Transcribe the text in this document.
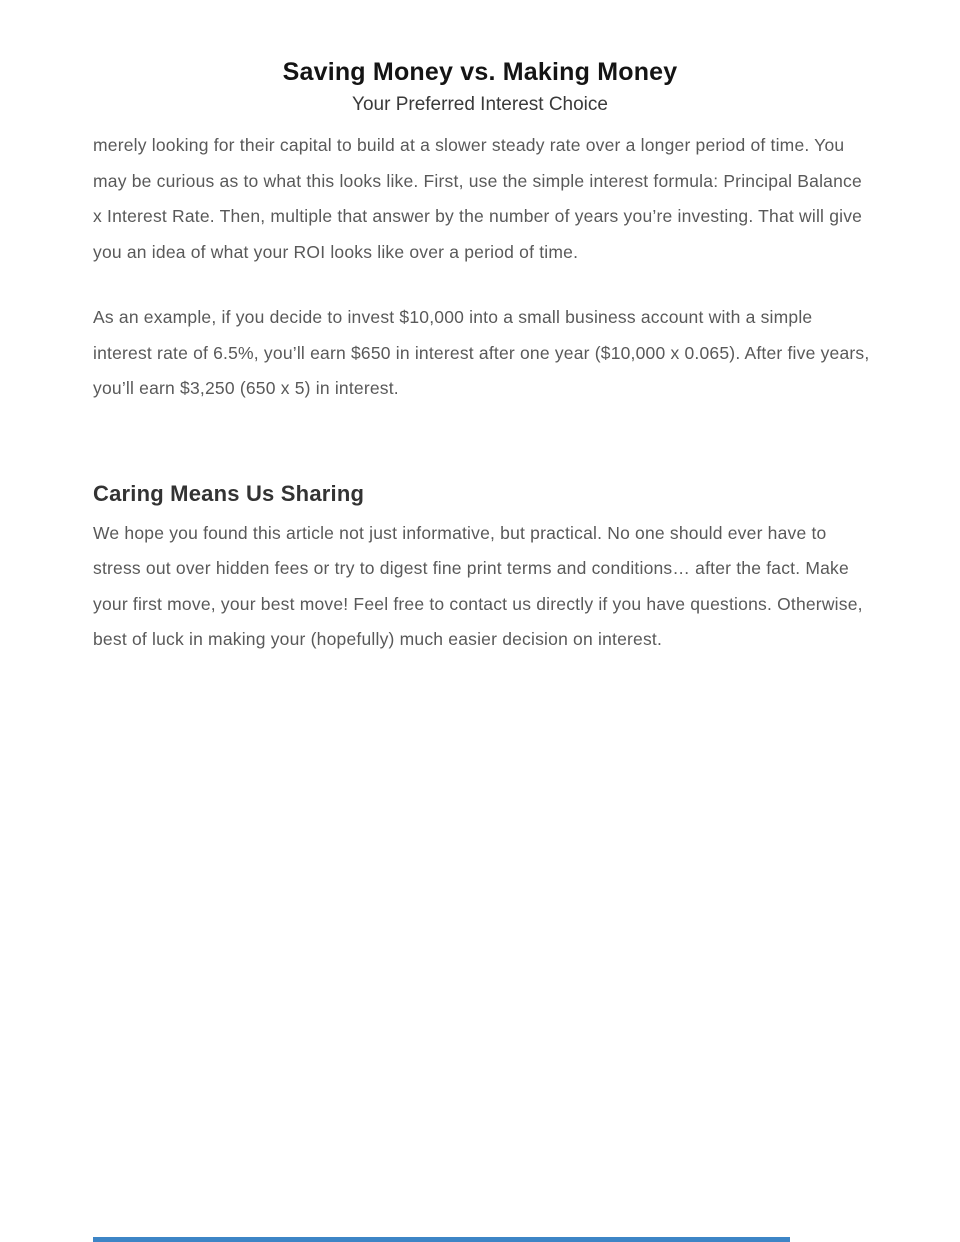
Saving Money vs. Making Money
Your Preferred Interest Choice

merely looking for their capital to build at a slower steady rate over a longer period of time. You may be curious as to what this looks like. First, use the simple interest formula: Principal Balance x Interest Rate. Then, multiple that answer by the number of years you’re investing. That will give you an idea of what your ROI looks like over a period of time.

As an example, if you decide to invest $10,000 into a small business account with a simple interest rate of 6.5%, you’ll earn $650 in interest after one year ($10,000 x 0.065). After five years, you’ll earn $3,250 (650 x 5) in interest.

Caring Means Us Sharing

We hope you found this article not just informative, but practical. No one should ever have to stress out over hidden fees or try to digest fine print terms and conditions… after the fact. Make your first move, your best move! Feel free to contact us directly if you have questions. Otherwise, best of luck in making your (hopefully) much easier decision on interest.
